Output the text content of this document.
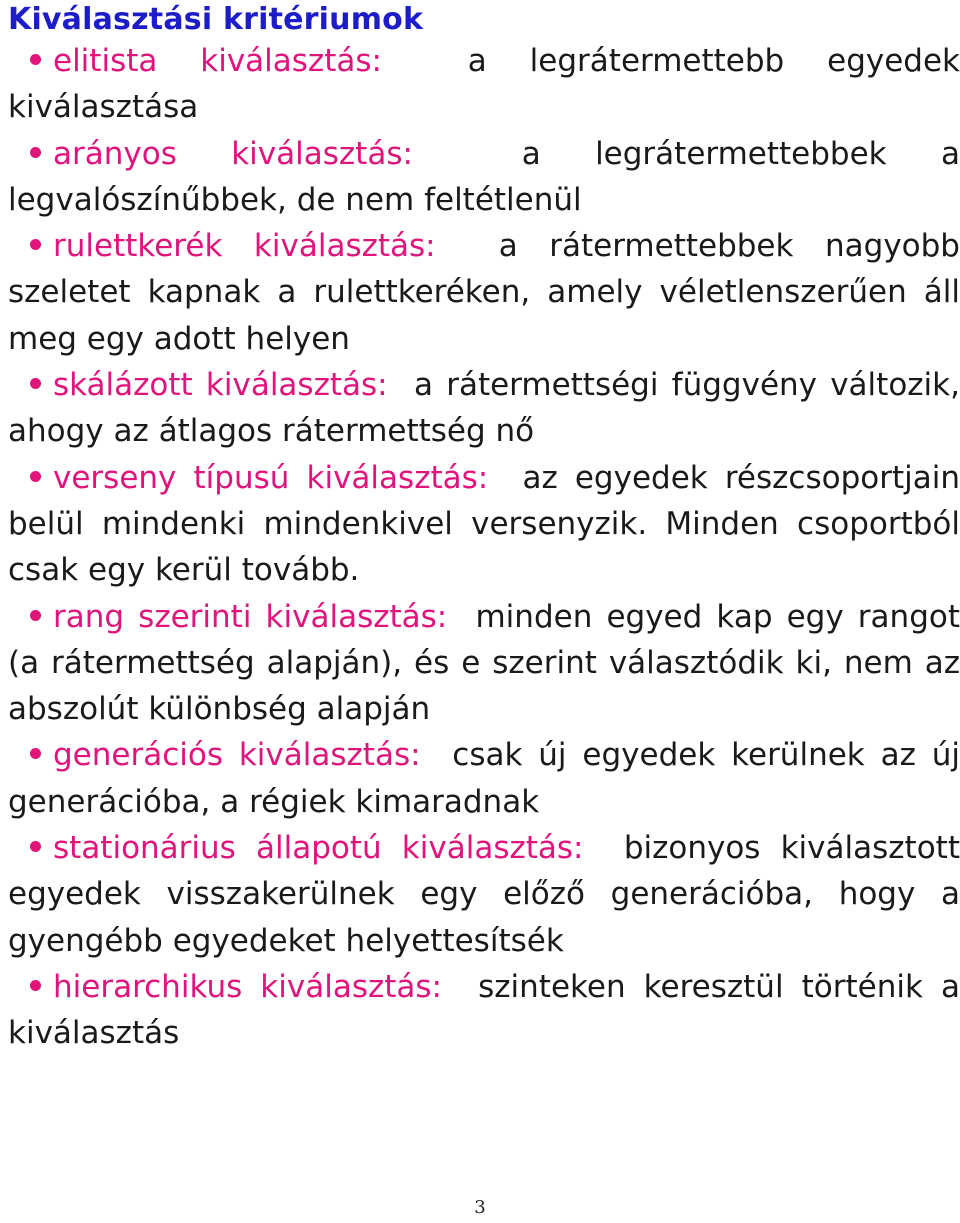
Kiválasztási kritériumok

elitista kiválasztás:	a legrátermettebb egyedek kiválasztása

arányos kiválasztás:	a legrátermettebbek a legvalószínűbbek, de nem feltétlenül

rulettkerék kiválasztás: a rátermettebbek nagyobb szeletet kapnak a rulettkeréken, amely véletlenszerűen áll meg egy adott helyen

skálázott kiválasztás: a rátermettségi függvény változik, ahogy az átlagos rátermettség nő

verseny típusú kiválasztás: az egyedek részcsoportjain belül mindenki mindenkivel versenyzik. Minden csoportból csak egy kerül tovább.

rang szerinti kiválasztás: minden egyed kap egy rangot (a rátermettség alapján), és e szerint választódik ki, nem az abszolút különbség alapján

generációs kiválasztás: csak új egyedek kerülnek az új generációba, a régiek kimaradnak

stationárius állapotú kiválasztás: bizonyos kiválasztott egyedek visszakerülnek egy előző generációba, hogy a gyengébb egyedeket helyettesítsék

hierarchikus kiválasztás: szinteken keresztül történik a kiválasztás

3
